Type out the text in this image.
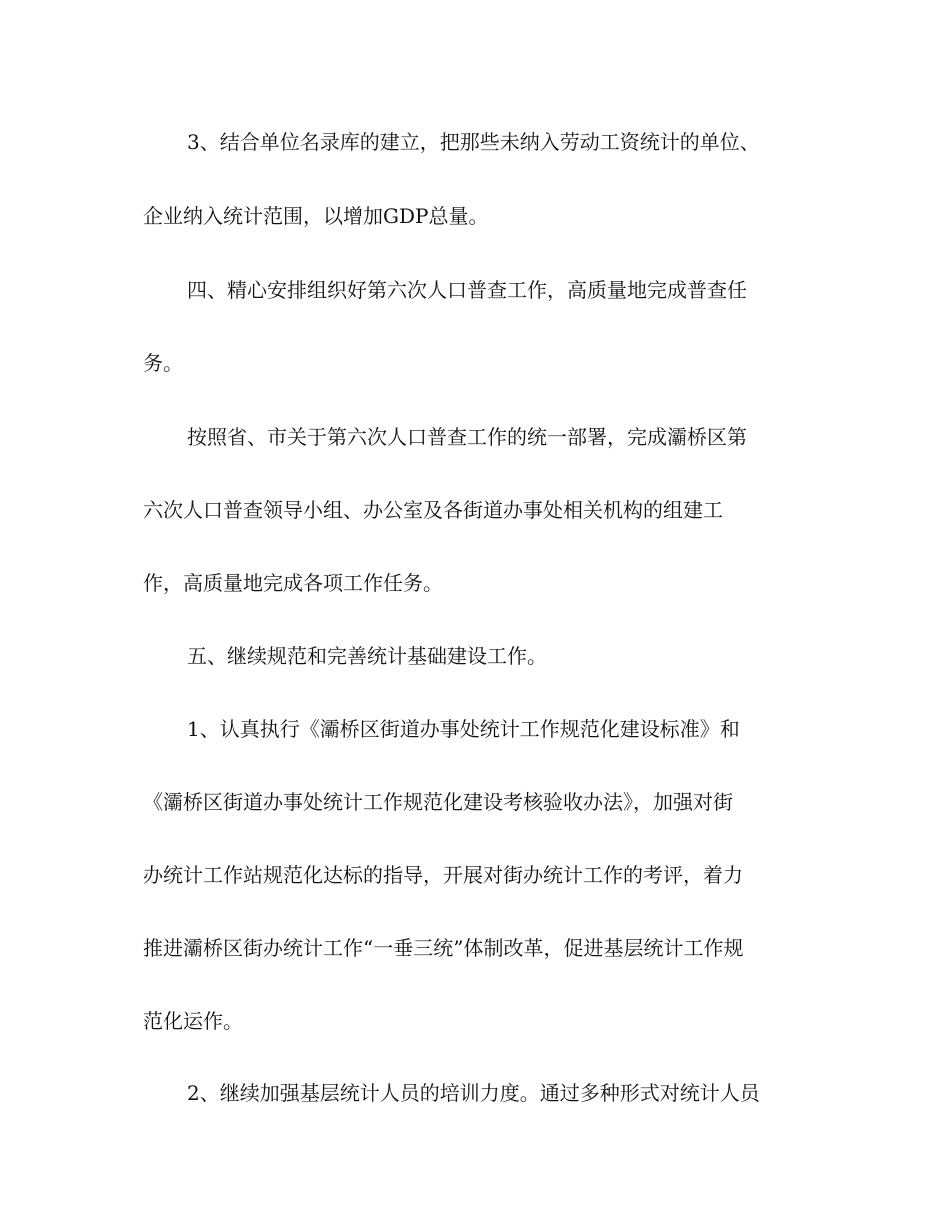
3、结合单位名录库的建立，把那些未纳入劳动工资统计的单位、

企业纳入统计范围，以增加GDP总量。

四、精心安排组织好第六次人口普查工作，高质量地完成普查任

务。

按照省、市关于第六次人口普查工作的统一部署，完成灞桥区第

六次人口普查领导小组、办公室及各街道办事处相关机构的组建工

作，高质量地完成各项工作任务。

五、继续规范和完善统计基础建设工作。

1、认真执行《灞桥区街道办事处统计工作规范化建设标准》和

《灞桥区街道办事处统计工作规范化建设考核验收办法》，加强对街

办统计工作站规范化达标的指导，开展对街办统计工作的考评，着力

推进灞桥区街办统计工作“一垂三统”体制改革，促进基层统计工作规

范化运作。

2、继续加强基层统计人员的培训力度。通过多种形式对统计人员
